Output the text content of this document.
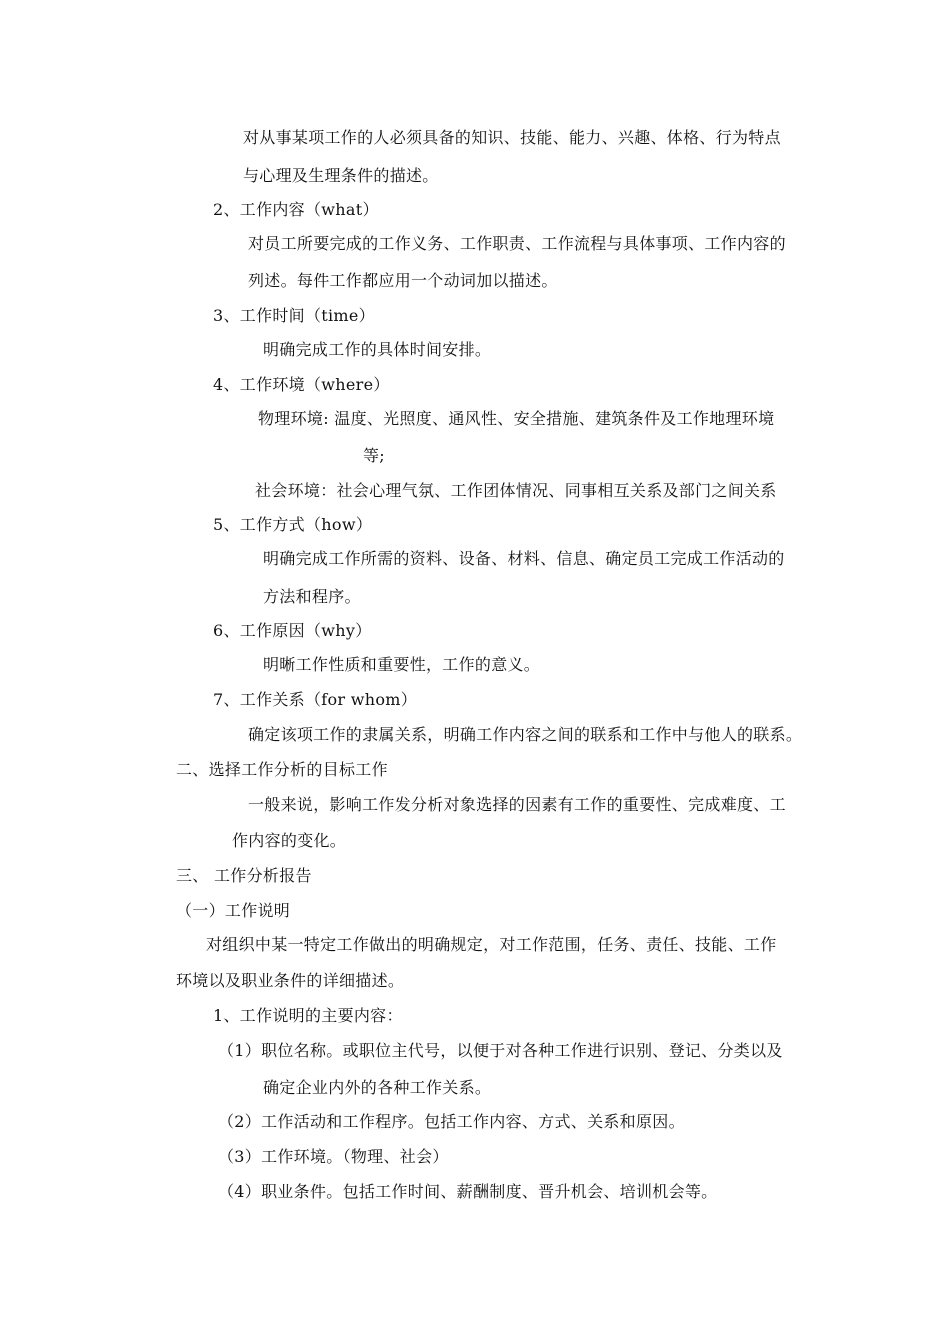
对从事某项工作的人必须具备的知识、技能、能力、兴趣、体格、行为特点
与心理及生理条件的描述。
2、工作内容（what）
对员工所要完成的工作义务、工作职责、工作流程与具体事项、工作内容的
列述。每件工作都应用一个动词加以描述。
3、工作时间（time）
明确完成工作的具体时间安排。
4、工作环境（where）
物理环境: 温度、光照度、通风性、安全措施、建筑条件及工作地理环境
等;
社会环境：社会心理气氛、工作团体情况、同事相互关系及部门之间关系
5、工作方式（how）
明确完成工作所需的资料、设备、材料、信息、确定员工完成工作活动的
方法和程序。
6、工作原因（why）
明晰工作性质和重要性，工作的意义。
7、工作关系（for whom）
确定该项工作的隶属关系，明确工作内容之间的联系和工作中与他人的联系。
二、选择工作分析的目标工作
一般来说，影响工作发分析对象选择的因素有工作的重要性、完成难度、工
作内容的变化。
三、 工作分析报告
（一）工作说明
对组织中某一特定工作做出的明确规定，对工作范围，任务、责任、技能、工作
环境以及职业条件的详细描述。
1、工作说明的主要内容：
（1）职位名称。或职位主代号，以便于对各种工作进行识别、登记、分类以及
确定企业内外的各种工作关系。
（2）工作活动和工作程序。包括工作内容、方式、关系和原因。
（3）工作环境。（物理、社会）
（4）职业条件。包括工作时间、薪酬制度、晋升机会、培训机会等。
